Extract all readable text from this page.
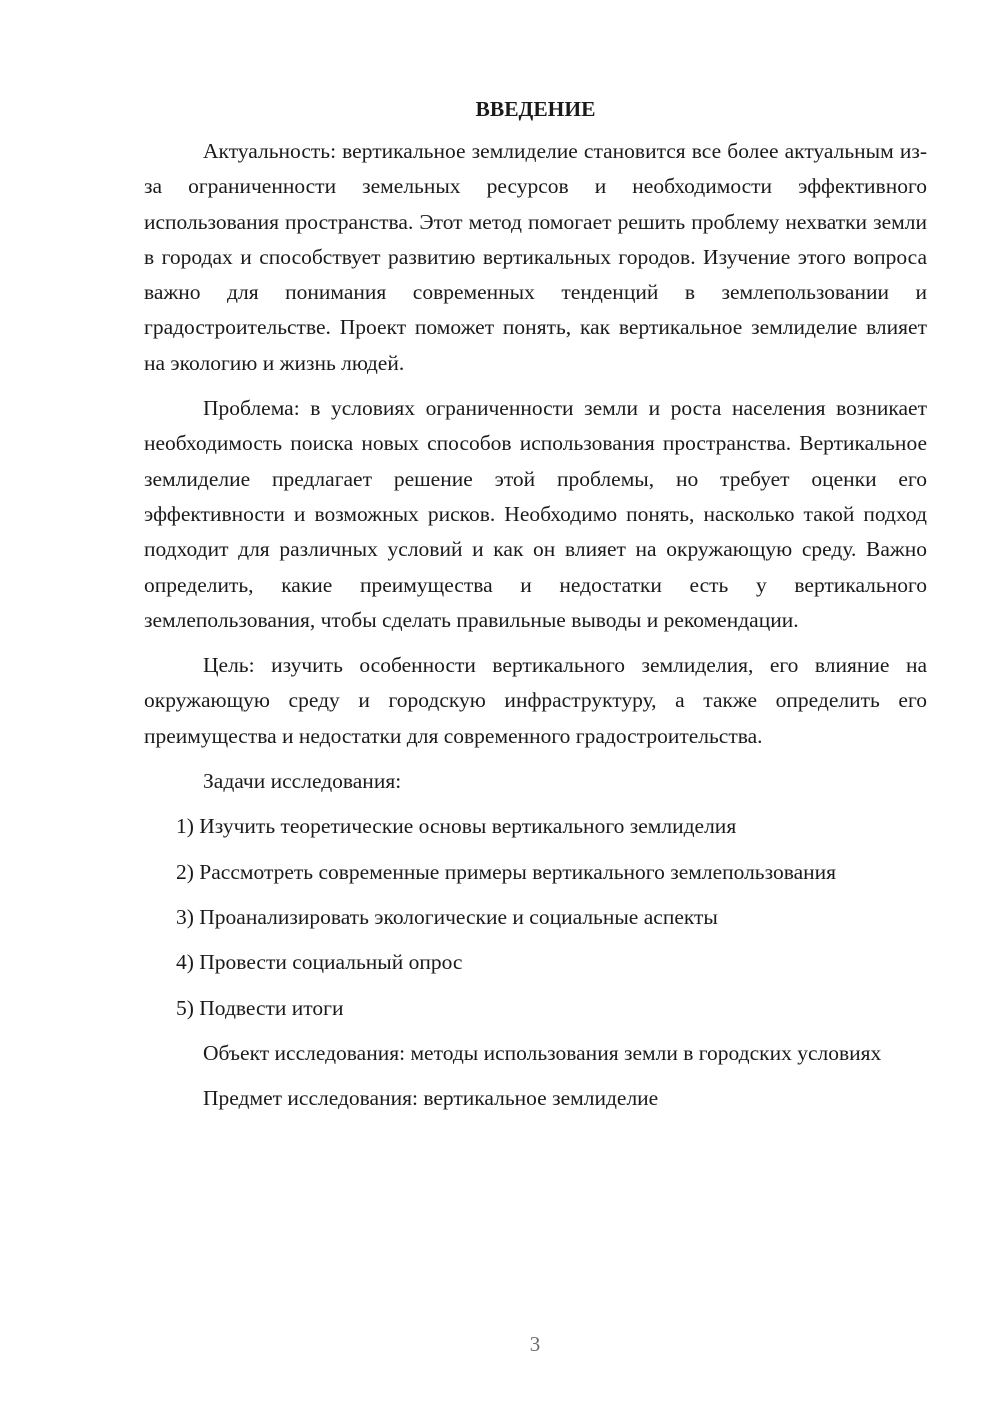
ВВЕДЕНИЕ

Актуальность: вертикальное землиделие становится все более актуальным из-за ограниченности земельных ресурсов и необходимости эффективного использования пространства. Этот метод помогает решить проблему нехватки земли в городах и способствует развитию вертикальных городов. Изучение этого вопроса важно для понимания современных тенденций в землепользовании и градостроительстве. Проект поможет понять, как вертикальное землиделие влияет на экологию и жизнь людей.

Проблема: в условиях ограниченности земли и роста населения возникает необходимость поиска новых способов использования пространства. Вертикальное землиделие предлагает решение этой проблемы, но требует оценки его эффективности и возможных рисков. Необходимо понять, насколько такой подход подходит для различных условий и как он влияет на окружающую среду. Важно определить, какие преимущества и недостатки есть у вертикального землепользования, чтобы сделать правильные выводы и рекомендации.

Цель: изучить особенности вертикального землиделия, его влияние на окружающую среду и городскую инфраструктуру, а также определить его преимущества и недостатки для современного градостроительства.

Задачи исследования:

1) Изучить теоретические основы вертикального землиделия

2) Рассмотреть современные примеры вертикального землепользования

3) Проанализировать экологические и социальные аспекты

4) Провести социальный опрос

5) Подвести итоги

Объект исследования: методы использования земли в городских условиях

Предмет исследования: вертикальное землиделие

3
